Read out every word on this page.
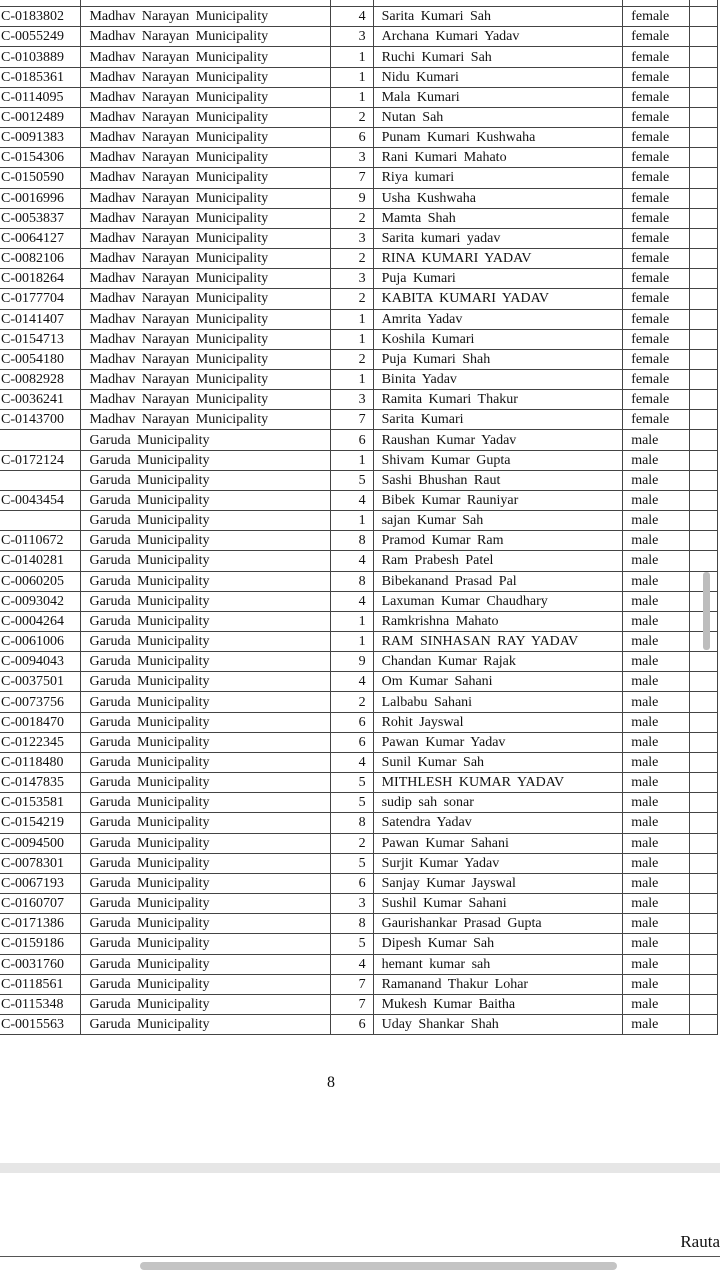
C-0183802	Madhav Narayan Municipality	4	Sarita Kumari Sah	female	
C-0055249	Madhav Narayan Municipality	3	Archana Kumari Yadav	female	
C-0103889	Madhav Narayan Municipality	1	Ruchi Kumari Sah	female	
C-0185361	Madhav Narayan Municipality	1	Nidu Kumari	female	
C-0114095	Madhav Narayan Municipality	1	Mala Kumari	female	
C-0012489	Madhav Narayan Municipality	2	Nutan Sah	female	
C-0091383	Madhav Narayan Municipality	6	Punam Kumari Kushwaha	female	
C-0154306	Madhav Narayan Municipality	3	Rani Kumari Mahato	female	
C-0150590	Madhav Narayan Municipality	7	Riya kumari	female	
C-0016996	Madhav Narayan Municipality	9	Usha Kushwaha	female	
C-0053837	Madhav Narayan Municipality	2	Mamta Shah	female	
C-0064127	Madhav Narayan Municipality	3	Sarita kumari yadav	female	
C-0082106	Madhav Narayan Municipality	2	RINA KUMARI YADAV	female	
C-0018264	Madhav Narayan Municipality	3	Puja Kumari	female	
C-0177704	Madhav Narayan Municipality	2	KABITA KUMARI YADAV	female	
C-0141407	Madhav Narayan Municipality	1	Amrita Yadav	female	
C-0154713	Madhav Narayan Municipality	1	Koshila Kumari	female	
C-0054180	Madhav Narayan Municipality	2	Puja Kumari Shah	female	
C-0082928	Madhav Narayan Municipality	1	Binita Yadav	female	
C-0036241	Madhav Narayan Municipality	3	Ramita Kumari Thakur	female	
C-0143700	Madhav Narayan Municipality	7	Sarita Kumari	female	
	Garuda Municipality	6	Raushan Kumar Yadav	male	
C-0172124	Garuda Municipality	1	Shivam Kumar Gupta	male	
	Garuda Municipality	5	Sashi Bhushan Raut	male	
C-0043454	Garuda Municipality	4	Bibek Kumar Rauniyar	male	
	Garuda Municipality	1	sajan Kumar Sah	male	
C-0110672	Garuda Municipality	8	Pramod Kumar Ram	male	
C-0140281	Garuda Municipality	4	Ram Prabesh Patel	male	
C-0060205	Garuda Municipality	8	Bibekanand Prasad Pal	male	
C-0093042	Garuda Municipality	4	Laxuman Kumar Chaudhary	male	
C-0004264	Garuda Municipality	1	Ramkrishna Mahato	male	
C-0061006	Garuda Municipality	1	RAM SINHASAN RAY YADAV	male	
C-0094043	Garuda Municipality	9	Chandan Kumar Rajak	male	
C-0037501	Garuda Municipality	4	Om Kumar Sahani	male	
C-0073756	Garuda Municipality	2	Lalbabu Sahani	male	
C-0018470	Garuda Municipality	6	Rohit Jayswal	male	
C-0122345	Garuda Municipality	6	Pawan Kumar Yadav	male	
C-0118480	Garuda Municipality	4	Sunil Kumar Sah	male	
C-0147835	Garuda Municipality	5	MITHLESH KUMAR YADAV	male	
C-0153581	Garuda Municipality	5	sudip sah sonar	male	
C-0154219	Garuda Municipality	8	Satendra Yadav	male	
C-0094500	Garuda Municipality	2	Pawan Kumar Sahani	male	
C-0078301	Garuda Municipality	5	Surjit Kumar Yadav	male	
C-0067193	Garuda Municipality	6	Sanjay Kumar Jayswal	male	
C-0160707	Garuda Municipality	3	Sushil Kumar Sahani	male	
C-0171386	Garuda Municipality	8	Gaurishankar Prasad Gupta	male	
C-0159186	Garuda Municipality	5	Dipesh Kumar Sah	male	
C-0031760	Garuda Municipality	4	hemant kumar sah	male	
C-0118561	Garuda Municipality	7	Ramanand Thakur Lohar	male	
C-0115348	Garuda Municipality	7	Mukesh Kumar Baitha	male	
C-0015563	Garuda Municipality	6	Uday Shankar Shah	male	
8
Rauta
